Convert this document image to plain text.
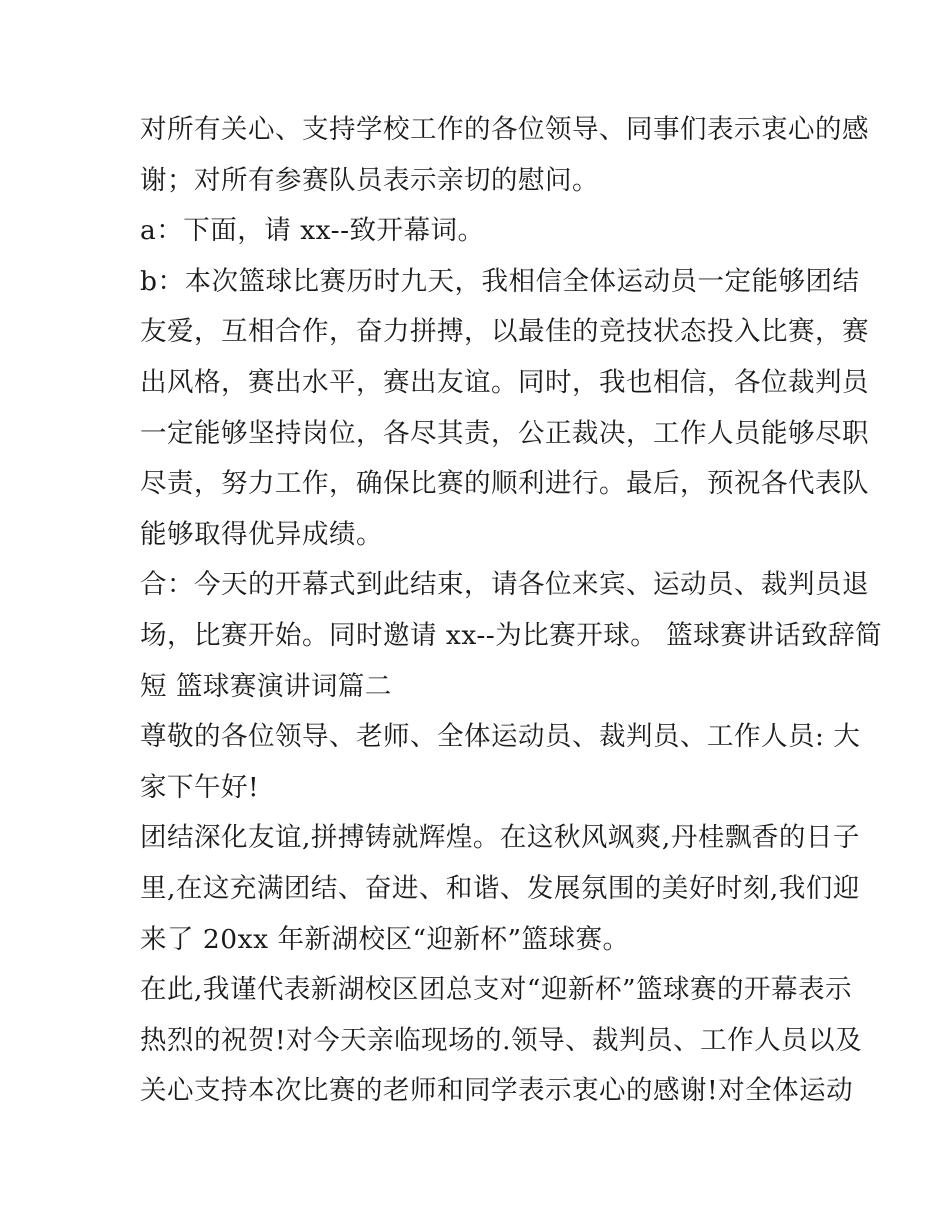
对所有关心、支持学校工作的各位领导、同事们表示衷心的感
谢；对所有参赛队员表示亲切的慰问。
a：下面，请 xx--致开幕词。
b：本次篮球比赛历时九天，我相信全体运动员一定能够团结
友爱，互相合作，奋力拼搏，以最佳的竞技状态投入比赛，赛
出风格，赛出水平，赛出友谊。同时，我也相信，各位裁判员
一定能够坚持岗位，各尽其责，公正裁决，工作人员能够尽职
尽责，努力工作，确保比赛的顺利进行。最后，预祝各代表队
能够取得优异成绩。
合：今天的开幕式到此结束，请各位来宾、运动员、裁判员退
场，比赛开始。同时邀请 xx--为比赛开球。 篮球赛讲话致辞简
短 篮球赛演讲词篇二
尊敬的各位领导、老师、全体运动员、裁判员、工作人员: 大
家下午好!
团结深化友谊,拼搏铸就辉煌。在这秋风飒爽,丹桂飘香的日子
里,在这充满团结、奋进、和谐、发展氛围的美好时刻,我们迎
来了 20xx 年新湖校区“迎新杯”篮球赛。
在此,我谨代表新湖校区团总支对“迎新杯”篮球赛的开幕表示
热烈的祝贺!对今天亲临现场的.领导、裁判员、工作人员以及
关心支持本次比赛的老师和同学表示衷心的感谢!对全体运动
